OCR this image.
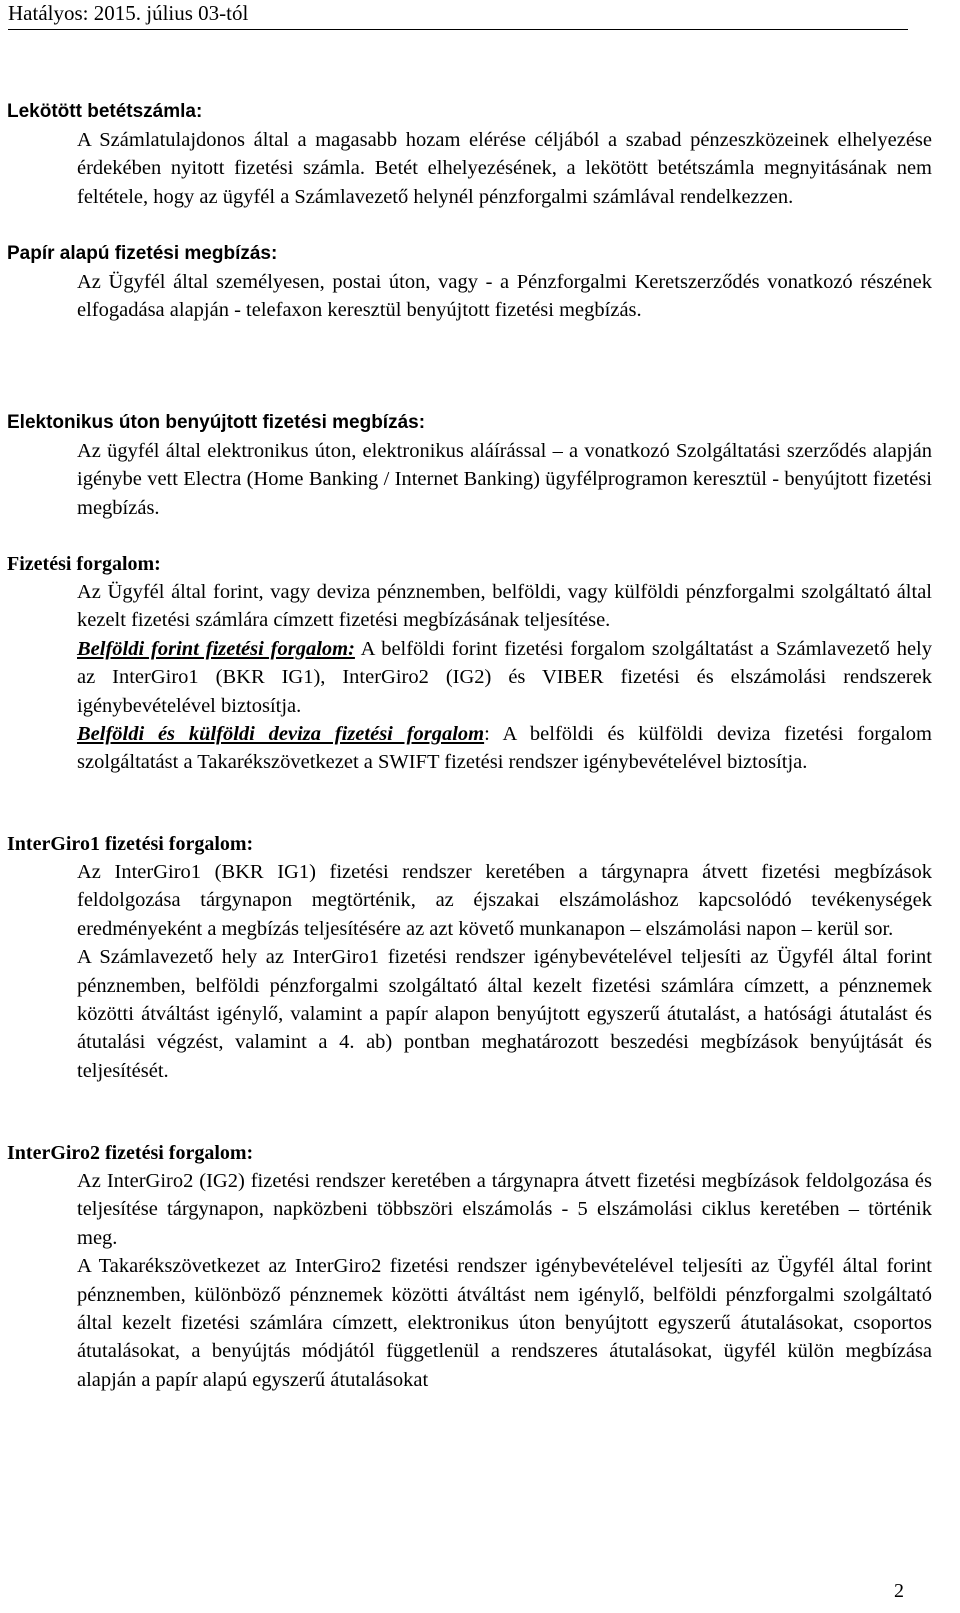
Hatályos: 2015. július 03-tól
Lekötött betétszámla:

A Számlatulajdonos által a magasabb hozam elérése céljából a szabad pénzeszközeinek elhelyezése érdekében nyitott fizetési számla. Betét elhelyezésének, a lekötött betétszámla megnyitásának nem feltétele, hogy az ügyfél a Számlavezető helynél pénzforgalmi számlával rendelkezzen.

Papír alapú fizetési megbízás:

Az Ügyfél által személyesen, postai úton, vagy - a Pénzforgalmi Keretszerződés vonatkozó részének elfogadása alapján - telefaxon keresztül benyújtott fizetési megbízás.

Elektonikus úton benyújtott fizetési megbízás:

Az ügyfél által elektronikus úton, elektronikus aláírással – a vonatkozó Szolgáltatási szerződés alapján igénybe vett Electra (Home Banking / Internet Banking) ügyfélprogramon keresztül - benyújtott fizetési megbízás.

Fizetési forgalom:

Az Ügyfél által forint, vagy deviza pénznemben, belföldi, vagy külföldi pénzforgalmi szolgáltató által kezelt fizetési számlára címzett fizetési megbízásának teljesítése.

Belföldi forint fizetési forgalom: A belföldi forint fizetési forgalom szolgáltatást a Számlavezető hely az InterGiro1 (BKR IG1), InterGiro2 (IG2) és VIBER fizetési és elszámolási rendszerek igénybevételével biztosítja.

Belföldi és külföldi deviza fizetési forgalom: A belföldi és külföldi deviza fizetési forgalom szolgáltatást a Takarékszövetkezet a SWIFT fizetési rendszer igénybevételével biztosítja.

InterGiro1 fizetési forgalom:

Az InterGiro1 (BKR IG1) fizetési rendszer keretében a tárgynapra átvett fizetési megbízások feldolgozása tárgynapon megtörténik, az éjszakai elszámoláshoz kapcsolódó tevékenységek eredményeként a megbízás teljesítésére az azt követő munkanapon – elszámolási napon – kerül sor.

A Számlavezető hely az InterGiro1 fizetési rendszer igénybevételével teljesíti az Ügyfél által forint pénznemben, belföldi pénzforgalmi szolgáltató által kezelt fizetési számlára címzett, a pénznemek közötti átváltást igénylő, valamint a papír alapon benyújtott egyszerű átutalást, a hatósági átutalást és átutalási végzést, valamint a 4. ab) pontban meghatározott beszedési megbízások benyújtását és teljesítését.

InterGiro2 fizetési forgalom:

Az InterGiro2 (IG2) fizetési rendszer keretében a tárgynapra átvett fizetési megbízások feldolgozása és teljesítése tárgynapon, napközbeni többszöri elszámolás - 5 elszámolási ciklus keretében – történik meg.

A Takarékszövetkezet az InterGiro2 fizetési rendszer igénybevételével teljesíti az Ügyfél által forint pénznemben, különböző pénznemek közötti átváltást nem igénylő, belföldi pénzforgalmi szolgáltató által kezelt fizetési számlára címzett, elektronikus úton benyújtott egyszerű átutalásokat, csoportos átutalásokat, a benyújtás módjától függetlenül a rendszeres átutalásokat, ügyfél külön megbízása alapján a papír alapú egyszerű átutalásokat

2
